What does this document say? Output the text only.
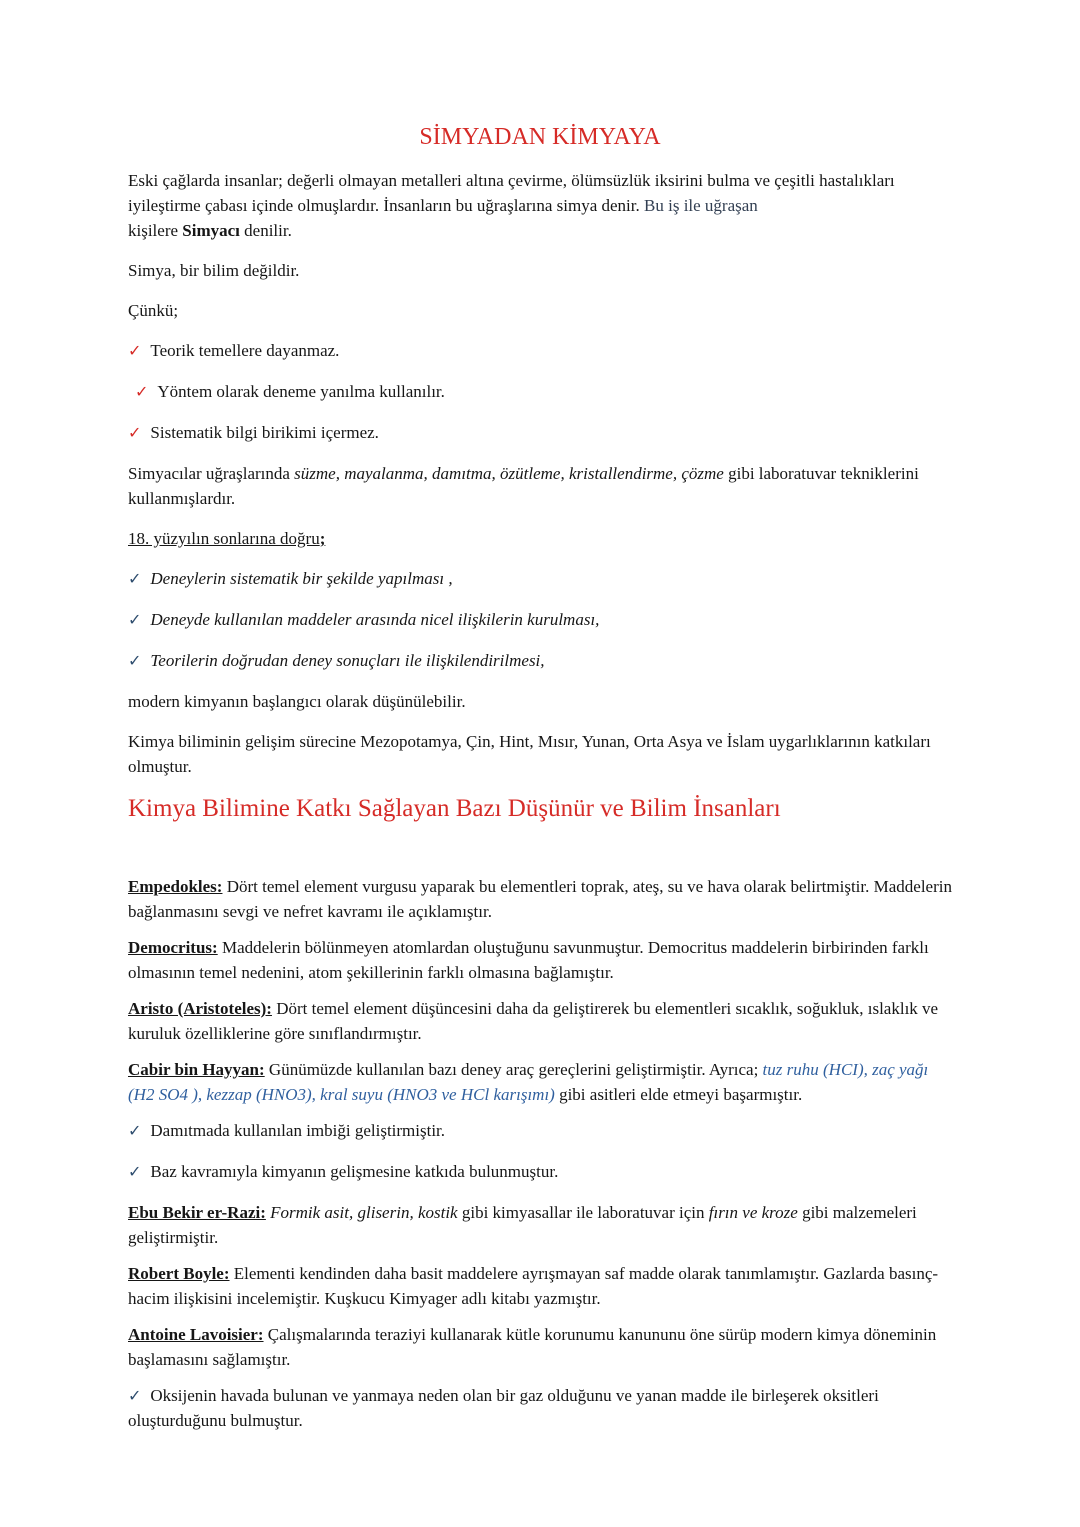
SİMYADAN KİMYAYA

Eski çağlarda insanlar; değerli olmayan metalleri altına çevirme, ölümsüzlük iksirini bulma ve çeşitli hastalıkları iyileştirme çabası içinde olmuşlardır. İnsanların bu uğraşlarına simya denir. Bu iş ile uğraşan
kişilere Simyacı denilir.

Simya, bir bilim değildir.

Çünkü;

✓ Teorik temellere dayanmaz.

✓ Yöntem olarak deneme yanılma kullanılır.

✓ Sistematik bilgi birikimi içermez.

Simyacılar uğraşlarında süzme, mayalanma, damıtma, özütleme, kristallendirme, çözme gibi laboratuvar tekniklerini kullanmışlardır.

18. yüzyılın sonlarına doğru;

✓ Deneylerin sistematik bir şekilde yapılması ,

✓ Deneyde kullanılan maddeler arasında nicel ilişkilerin kurulması,

✓ Teorilerin doğrudan deney sonuçları ile ilişkilendirilmesi,

modern kimyanın başlangıcı olarak düşünülebilir.

Kimya biliminin gelişim sürecine Mezopotamya, Çin, Hint, Mısır, Yunan, Orta Asya ve İslam uygarlıklarının katkıları olmuştur.

Kimya Bilimine Katkı Sağlayan Bazı Düşünür ve Bilim İnsanları

Empedokles: Dört temel element vurgusu yaparak bu elementleri toprak, ateş, su ve hava olarak belirtmiştir. Maddelerin bağlanmasını sevgi ve nefret kavramı ile açıklamıştır.

Democritus: Maddelerin bölünmeyen atomlardan oluştuğunu savunmuştur. Democritus maddelerin birbirinden farklı olmasının temel nedenini, atom şekillerinin farklı olmasına bağlamıştır.

Aristo (Aristoteles): Dört temel element düşüncesini daha da geliştirerek bu elementleri sıcaklık, soğukluk, ıslaklık ve kuruluk özelliklerine göre sınıflandırmıştır.

Cabir bin Hayyan: Günümüzde kullanılan bazı deney araç gereçlerini geliştirmiştir. Ayrıca; tuz ruhu (HCI), zaç yağı (H2 SO4 ), kezzap (HNO3), kral suyu (HNO3 ve HCl karışımı) gibi asitleri elde etmeyi başarmıştır.

✓ Damıtmada kullanılan imbiği geliştirmiştir.

✓ Baz kavramıyla kimyanın gelişmesine katkıda bulunmuştur.

Ebu Bekir er-Razi: Formik asit, gliserin, kostik gibi kimyasallar ile laboratuvar için fırın ve kroze gibi malzemeleri geliştirmiştir.

Robert Boyle: Elementi kendinden daha basit maddelere ayrışmayan saf madde olarak tanımlamıştır. Gazlarda basınç-hacim ilişkisini incelemiştir. Kuşkucu Kimyager adlı kitabı yazmıştır.

Antoine Lavoisier: Çalışmalarında teraziyi kullanarak kütle korunumu kanununu öne sürüp modern kimya döneminin başlamasını sağlamıştır.

✓ Oksijenin havada bulunan ve yanmaya neden olan bir gaz olduğunu ve yanan madde ile birleşerek oksitleri oluşturduğunu bulmuştur.
